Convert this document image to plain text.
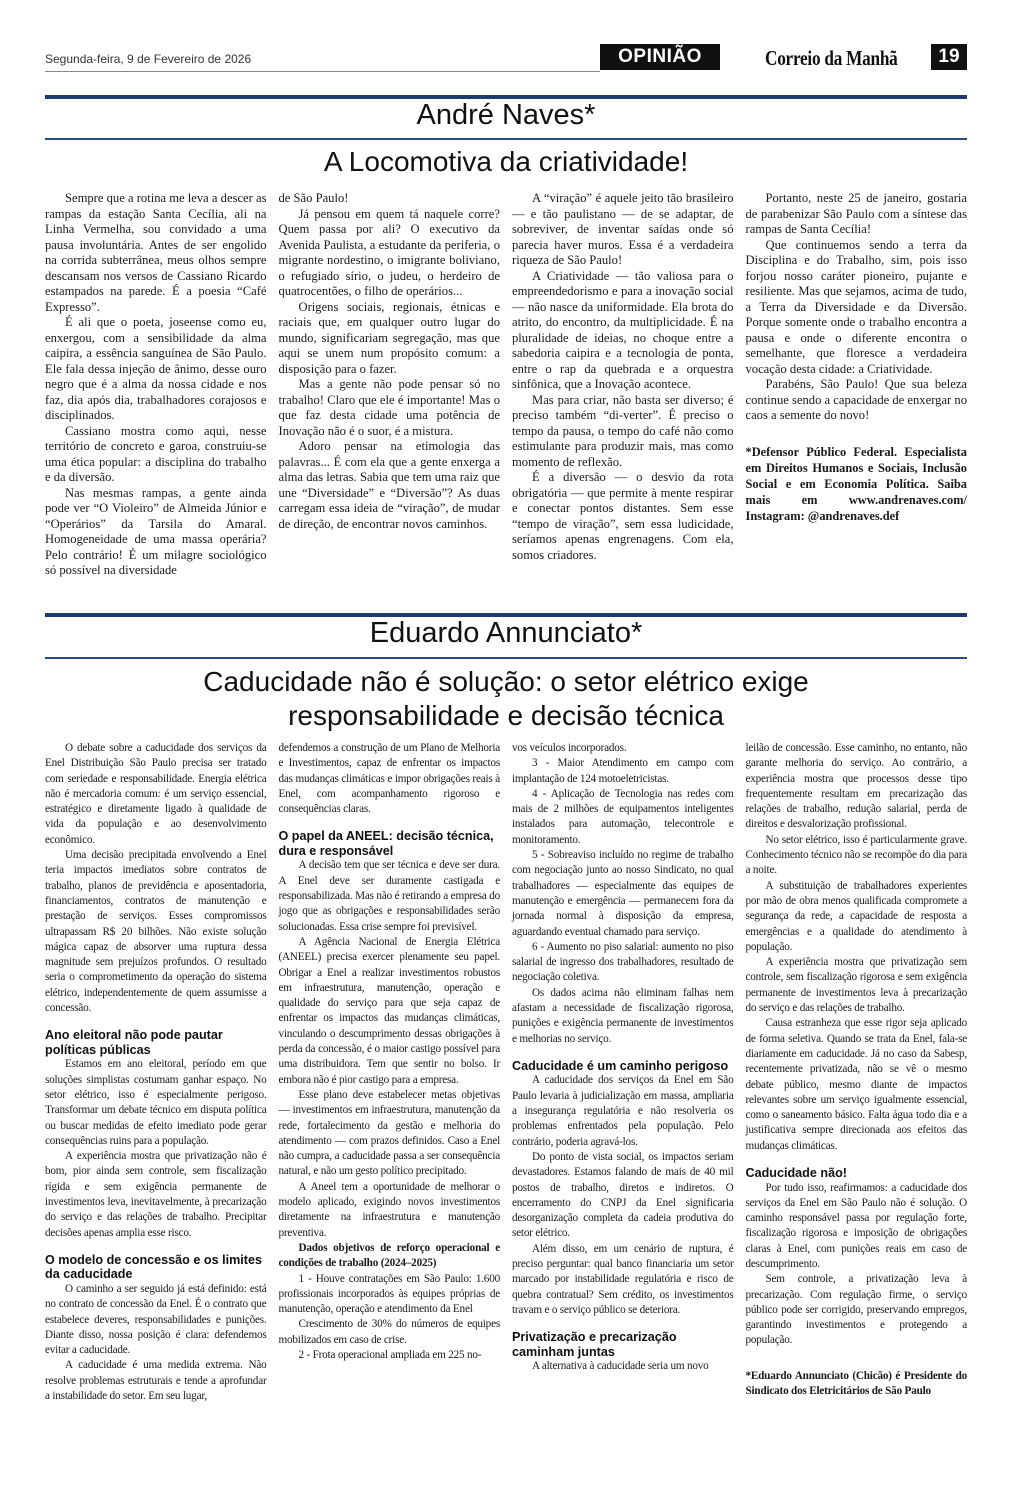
Segunda-feira, 9 de Fevereiro de 2026	OPINIÃO	Correio da Manhã	19
André Naves*
A Locomotiva da criatividade!

Sempre que a rotina me leva a descer as rampas da estação Santa Cecília, ali na Linha Vermelha, sou convidado a uma pausa involuntária. Antes de ser engolido na corrida subterrânea, meus olhos sempre descansam nos versos de Cassiano Ricardo estampados na parede. É a poesia “Café Expresso”.

É ali que o poeta, joseense como eu, enxergou, com a sensibilidade da alma caipira, a essência sanguínea de São Paulo. Ele fala dessa injeção de ânimo, desse ouro negro que é a alma da nossa cidade e nos faz, dia após dia, trabalhadores corajosos e disciplinados.

Cassiano mostra como aqui, nesse território de concreto e garoa, construiu-se uma ética popular: a disciplina do trabalho e da diversão.

Nas mesmas rampas, a gente ainda pode ver “O Violeiro” de Almeida Júnior e “Operários” da Tarsila do Amaral. Homogeneidade de uma massa operária? Pelo contrário! É um milagre sociológico só possível na diversidade

de São Paulo!

Já pensou em quem tá naquele corre? Quem passa por ali? O executivo da Avenida Paulista, a estudante da periferia, o migrante nordestino, o imigrante boliviano, o refugiado sírio, o judeu, o herdeiro de quatrocentões, o filho de operários...

Origens sociais, regionais, étnicas e raciais que, em qualquer outro lugar do mundo, significariam segregação, mas que aqui se unem num propósito comum: a disposição para o fazer.

Mas a gente não pode pensar só no trabalho! Claro que ele é importante! Mas o que faz desta cidade uma potência de Inovação não é o suor, é a mistura.

Adoro pensar na etimologia das palavras... É com ela que a gente enxerga a alma das letras. Sabia que tem uma raiz que une “Diversidade” e “Diversão”? As duas carregam essa ideia de “viração”, de mudar de direção, de encontrar novos caminhos.

A “viração” é aquele jeito tão brasileiro — e tão paulistano — de se adaptar, de sobreviver, de inventar saídas onde só parecia haver muros. Essa é a verdadeira riqueza de São Paulo!

A Criatividade — tão valiosa para o empreendedorismo e para a inovação social — não nasce da uniformidade. Ela brota do atrito, do encontro, da multiplicidade. É na pluralidade de ideias, no choque entre a sabedoria caipira e a tecnologia de ponta, entre o rap da quebrada e a orquestra sinfônica, que a Inovação acontece.

Mas para criar, não basta ser diverso; é preciso também “di-verter”. É preciso o tempo da pausa, o tempo do café não como estimulante para produzir mais, mas como momento de reflexão.

É a diversão — o desvio da rota obrigatória — que permite à mente respirar e conectar pontos distantes. Sem esse “tempo de viração”, sem essa ludicidade, seríamos apenas engrenagens. Com ela, somos criadores.

Portanto, neste 25 de janeiro, gostaria de parabenizar São Paulo com a síntese das rampas de Santa Cecília!

Que continuemos sendo a terra da Disciplina e do Trabalho, sim, pois isso forjou nosso caráter pioneiro, pujante e resiliente. Mas que sejamos, acima de tudo, a Terra da Diversidade e da Diversão. Porque somente onde o trabalho encontra a pausa e onde o diferente encontra o semelhante, que floresce a verdadeira vocação desta cidade: a Criatividade.

Parabéns, São Paulo! Que sua beleza continue sendo a capacidade de enxergar no caos a semente do novo!

*Defensor Público Federal. Especialista em Direitos Humanos e Sociais, Inclusão Social e em Economia Política. Saiba mais em www.andrenaves.com/ Instagram: @andrenaves.def

Eduardo Annunciato*
Caducidade não é solução: o setor elétrico exige
responsabilidade e decisão técnica

O debate sobre a caducidade dos serviços da Enel Distribuição São Paulo precisa ser tratado com seriedade e responsabilidade. Energia elétrica não é mercadoria comum: é um serviço essencial, estratégico e diretamente ligado à qualidade de vida da população e ao desenvolvimento econômico.

Uma decisão precipitada envolvendo a Enel teria impactos imediatos sobre contratos de trabalho, planos de previdência e aposentadoria, financiamentos, contratos de manutenção e prestação de serviços. Esses compromissos ultrapassam R$ 20 bilhões. Não existe solução mágica capaz de absorver uma ruptura dessa magnitude sem prejuízos profundos. O resultado seria o comprometimento da operação do sistema elétrico, independentemente de quem assumisse a concessão.

Ano eleitoral não pode pautar políticas públicas

Estamos em ano eleitoral, período em que soluções simplistas costumam ganhar espaço. No setor elétrico, isso é especialmente perigoso. Transformar um debate técnico em disputa política ou buscar medidas de efeito imediato pode gerar consequências ruins para a população.

A experiência mostra que privatização não é bom, pior ainda sem controle, sem fiscalização rígida e sem exigência permanente de investimentos leva, inevitavelmente, à precarização do serviço e das relações de trabalho. Precipitar decisões apenas amplia esse risco.

O modelo de concessão e os limites da caducidade

O caminho a ser seguido já está definido: está no contrato de concessão da Enel. É o contrato que estabelece deveres, responsabilidades e punições. Diante disso, nossa posição é clara: defendemos evitar a caducidade.

A caducidade é uma medida extrema. Não resolve problemas estruturais e tende a aprofundar a instabilidade do setor. Em seu lugar,

defendemos a construção de um Plano de Melhoria e Investimentos, capaz de enfrentar os impactos das mudanças climáticas e impor obrigações reais à Enel, com acompanhamento rigoroso e consequências claras.

O papel da ANEEL: decisão técnica, dura e responsável

A decisão tem que ser técnica e deve ser dura. A Enel deve ser duramente castigada e responsabilizada. Mas não é retirando a empresa do jogo que as obrigações e responsabilidades serão solucionadas. Essa crise sempre foi previsível.

A Agência Nacional de Energia Elétrica (ANEEL) precisa exercer plenamente seu papel. Obrigar a Enel a realizar investimentos robustos em infraestrutura, manutenção, operação e qualidade do serviço para que seja capaz de enfrentar os impactos das mudanças climáticas, vinculando o descumprimento dessas obrigações à perda da concessão, é o maior castigo possível para uma distribuidora. Tem que sentir no bolso. Ir embora não é pior castigo para a empresa.

Esse plano deve estabelecer metas objetivas — investimentos em infraestrutura, manutenção da rede, fortalecimento da gestão e melhoria do atendimento — com prazos definidos. Caso a Enel não cumpra, a caducidade passa a ser consequência natural, e não um gesto político precipitado.

A Aneel tem a oportunidade de melhorar o modelo aplicado, exigindo novos investimentos diretamente na infraestrutura e manutenção preventiva.

Dados objetivos de reforço operacional e condições de trabalho (2024–2025)

1 - Houve contratações em São Paulo: 1.600 profissionais incorporados às equipes próprias de manutenção, operação e atendimento da Enel

Crescimento de 30% do números de equipes mobilizados em caso de crise.

2 - Frota operacional ampliada em 225 no-

vos veículos incorporados.

3 - Maior Atendimento em campo com implantação de 124 motoeletricistas.

4 - Aplicação de Tecnologia nas redes com mais de 2 milhões de equipamentos inteligentes instalados para automação, telecontrole e monitoramento.

5 - Sobreaviso incluído no regime de trabalho com negociação junto ao nosso Sindicato, no qual trabalhadores — especialmente das equipes de manutenção e emergência — permanecem fora da jornada normal à disposição da empresa, aguardando eventual chamado para serviço.

6 - Aumento no piso salarial: aumento no piso salarial de ingresso dos trabalhadores, resultado de negociação coletiva.

Os dados acima não eliminam falhas nem afastam a necessidade de fiscalização rigorosa, punições e exigência permanente de investimentos e melhorias no serviço.

Caducidade é um caminho perigoso

A caducidade dos serviços da Enel em São Paulo levaria à judicialização em massa, ampliaria a insegurança regulatória e não resolveria os problemas enfrentados pela população. Pelo contrário, poderia agravá-los.

Do ponto de vista social, os impactos seriam devastadores. Estamos falando de mais de 40 mil postos de trabalho, diretos e indiretos. O encerramento do CNPJ da Enel significaria desorganização completa da cadeia produtiva do setor elétrico.

Além disso, em um cenário de ruptura, é preciso perguntar: qual banco financiaria um setor marcado por instabilidade regulatória e risco de quebra contratual? Sem crédito, os investimentos travam e o serviço público se deteriora.

Privatização e precarização caminham juntas

A alternativa à caducidade seria um novo

leilão de concessão. Esse caminho, no entanto, não garante melhoria do serviço. Ao contrário, a experiência mostra que processos desse tipo frequentemente resultam em precarização das relações de trabalho, redução salarial, perda de direitos e desvalorização profissional.

No setor elétrico, isso é particularmente grave. Conhecimento técnico não se recompõe do dia para a noite.

A substituição de trabalhadores experientes por mão de obra menos qualificada compromete a segurança da rede, a capacidade de resposta a emergências e a qualidade do atendimento à população.

A experiência mostra que privatização sem controle, sem fiscalização rigorosa e sem exigência permanente de investimentos leva à precarização do serviço e das relações de trabalho.

Causa estranheza que esse rigor seja aplicado de forma seletiva. Quando se trata da Enel, fala-se diariamente em caducidade. Já no caso da Sabesp, recentemente privatizada, não se vê o mesmo debate público, mesmo diante de impactos relevantes sobre um serviço igualmente essencial, como o saneamento básico. Falta água todo dia e a justificativa sempre direcionada aos efeitos das mudanças climáticas.

Caducidade não!

Por tudo isso, reafirmamos: a caducidade dos serviços da Enel em São Paulo não é solução. O caminho responsável passa por regulação forte, fiscalização rigorosa e imposição de obrigações claras à Enel, com punições reais em caso de descumprimento.

Sem controle, a privatização leva à precarização. Com regulação firme, o serviço público pode ser corrigido, preservando empregos, garantindo investimentos e protegendo a população.

*Eduardo Annunciato (Chicão) é Presidente do Sindicato dos Eletricitários de São Paulo
